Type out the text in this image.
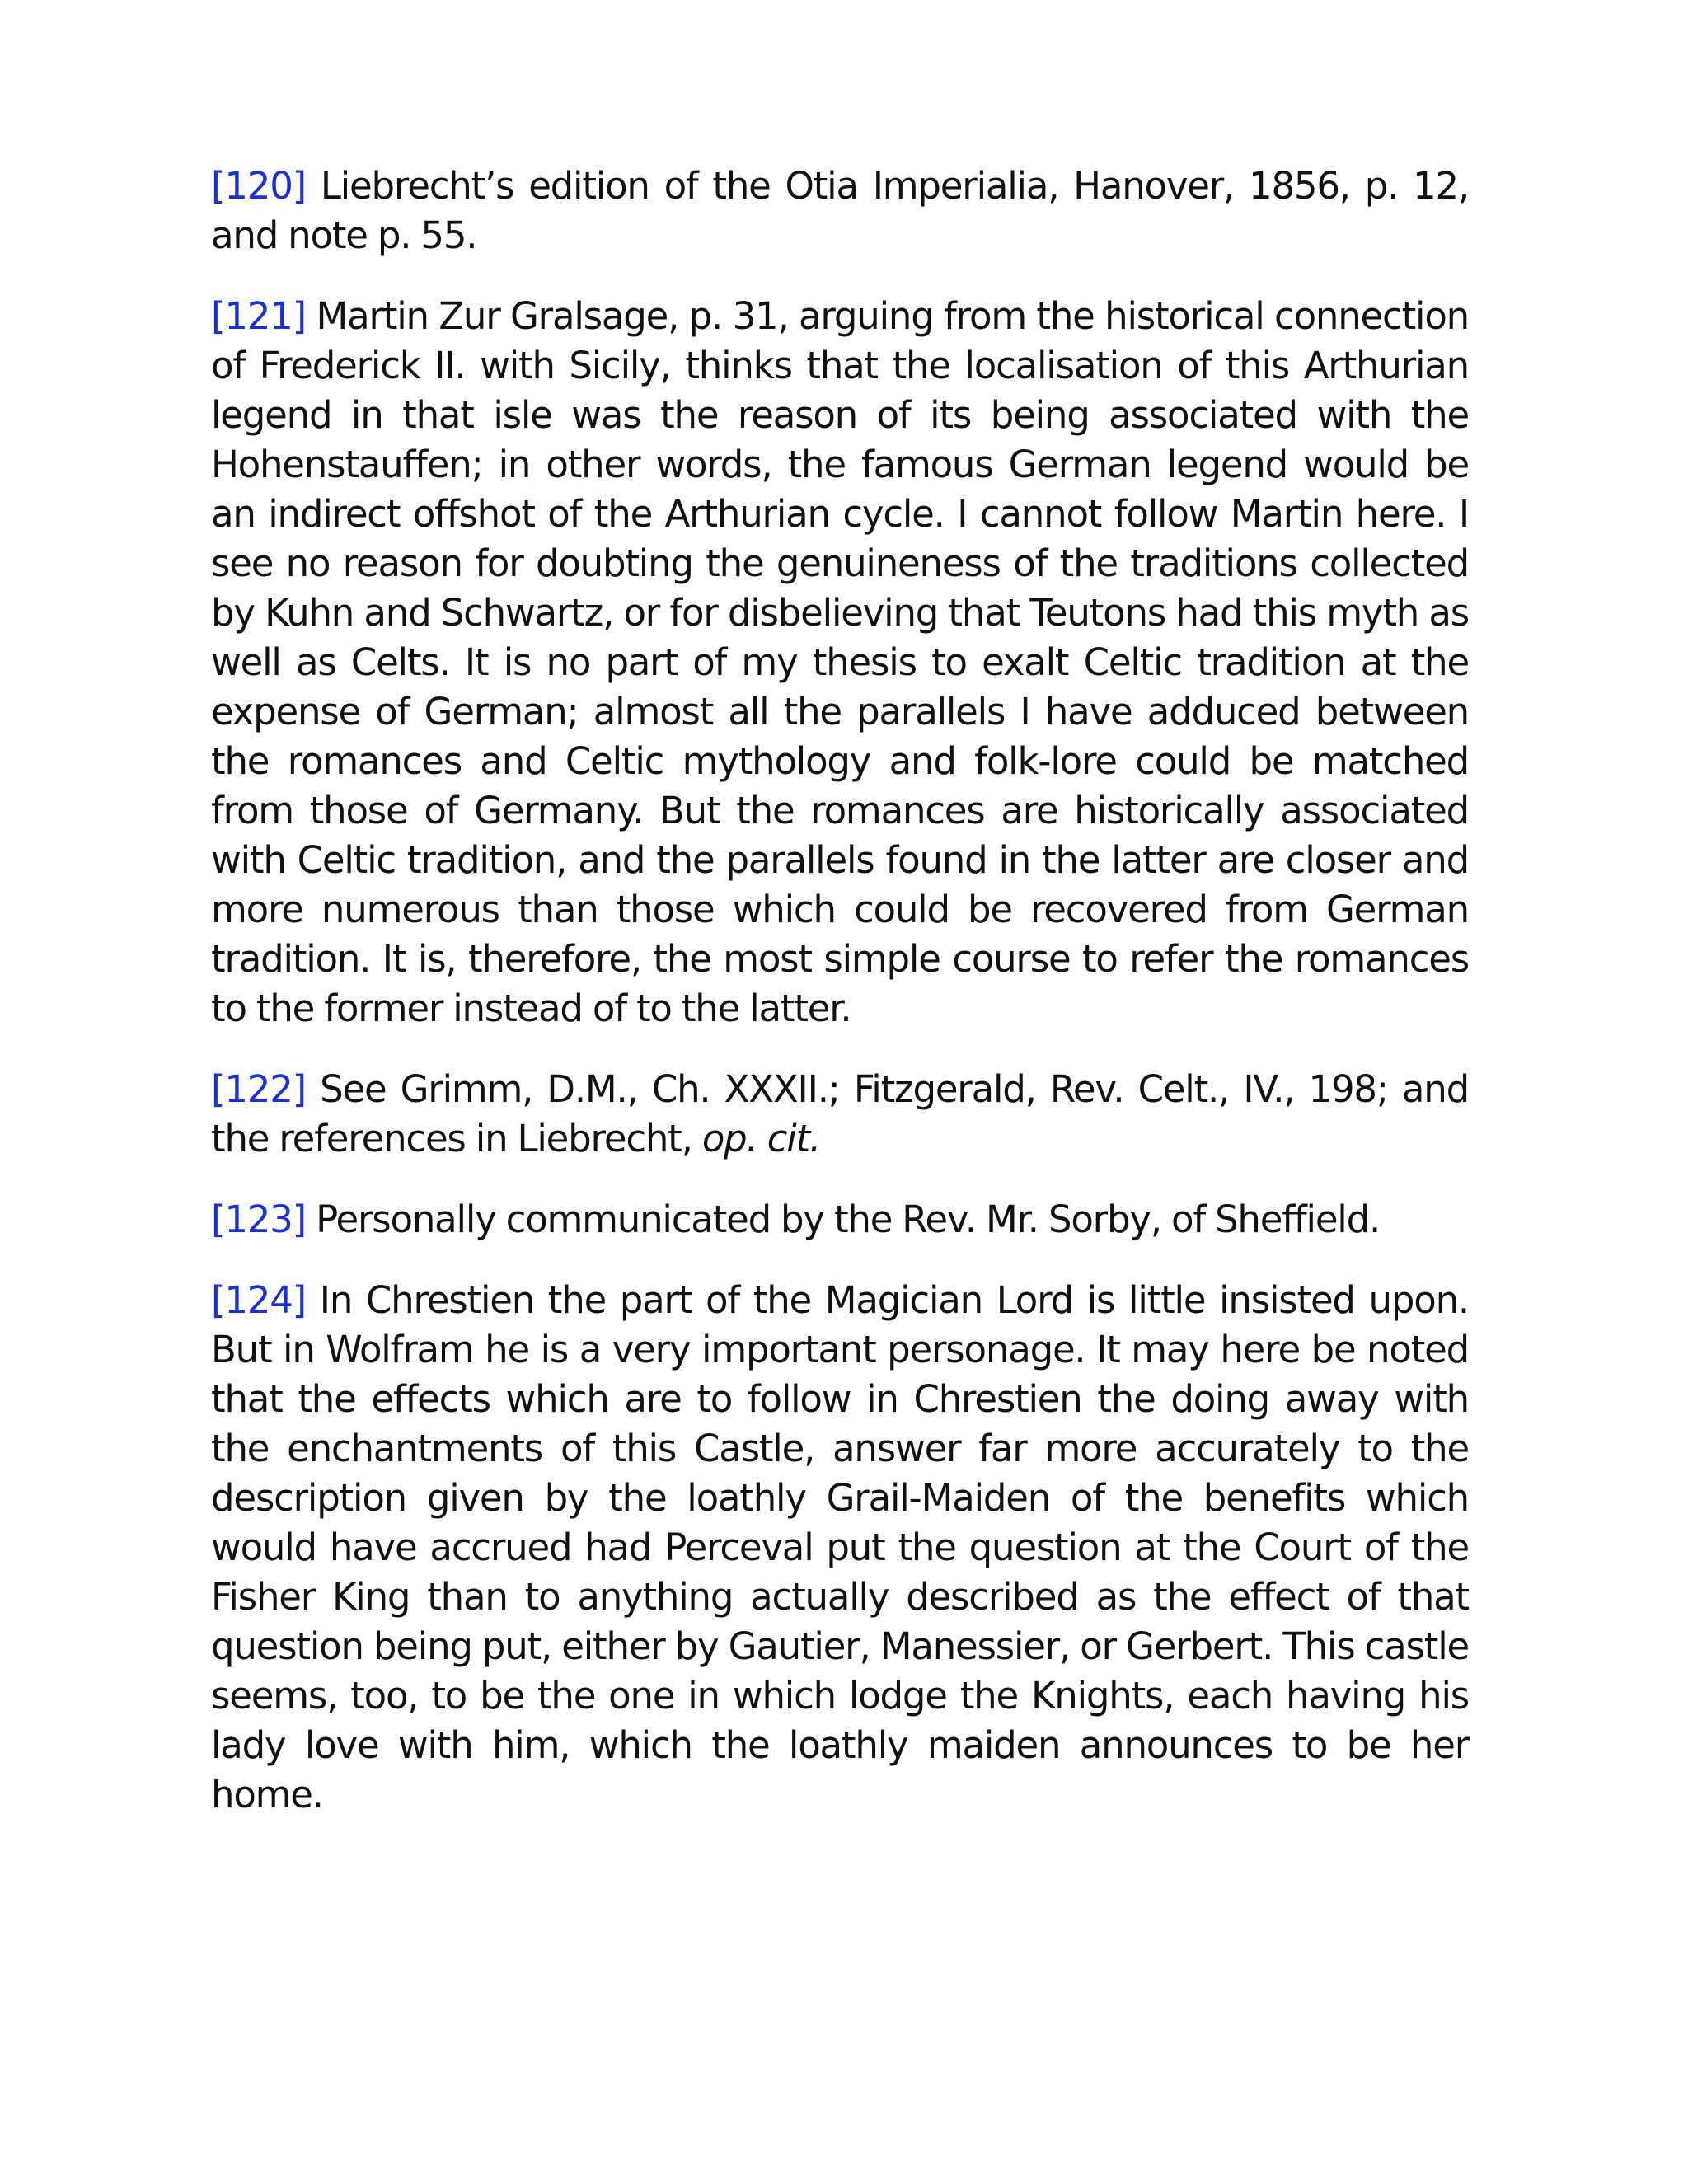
[120] Liebrecht’s edition of the Otia Imperialia, Hanover, 1856, p. 12, and note p. 55.

[121] Martin Zur Gralsage, p. 31, arguing from the historical connection of Frederick II. with Sicily, thinks that the localisation of this Arthurian legend in that isle was the reason of its being associated with the Hohenstauffen; in other words, the famous German legend would be an indirect offshot of the Arthurian cycle. I cannot follow Martin here. I see no reason for doubting the genuineness of the traditions collected by Kuhn and Schwartz, or for disbelieving that Teutons had this myth as well as Celts. It is no part of my thesis to exalt Celtic tradition at the expense of German; almost all the parallels I have adduced between the romances and Celtic mythology and folk-lore could be matched from those of Germany. But the romances are historically associated with Celtic tradition, and the parallels found in the latter are closer and more numerous than those which could be recovered from German tradition. It is, therefore, the most simple course to refer the romances to the former instead of to the latter.

[122] See Grimm, D.M., Ch. XXXII.; Fitzgerald, Rev. Celt., IV., 198; and the references in Liebrecht, op. cit.

[123] Personally communicated by the Rev. Mr. Sorby, of Sheffield.

[124] In Chrestien the part of the Magician Lord is little insisted upon. But in Wolfram he is a very important personage. It may here be noted that the effects which are to follow in Chrestien the doing away with the enchantments of this Castle, answer far more accurately to the description given by the loathly Grail-Maiden of the benefits which would have accrued had Perceval put the question at the Court of the Fisher King than to anything actually described as the effect of that question being put, either by Gautier, Manessier, or Gerbert. This castle seems, too, to be the one in which lodge the Knights, each having his lady love with him, which the loathly maiden announces to be her home.
